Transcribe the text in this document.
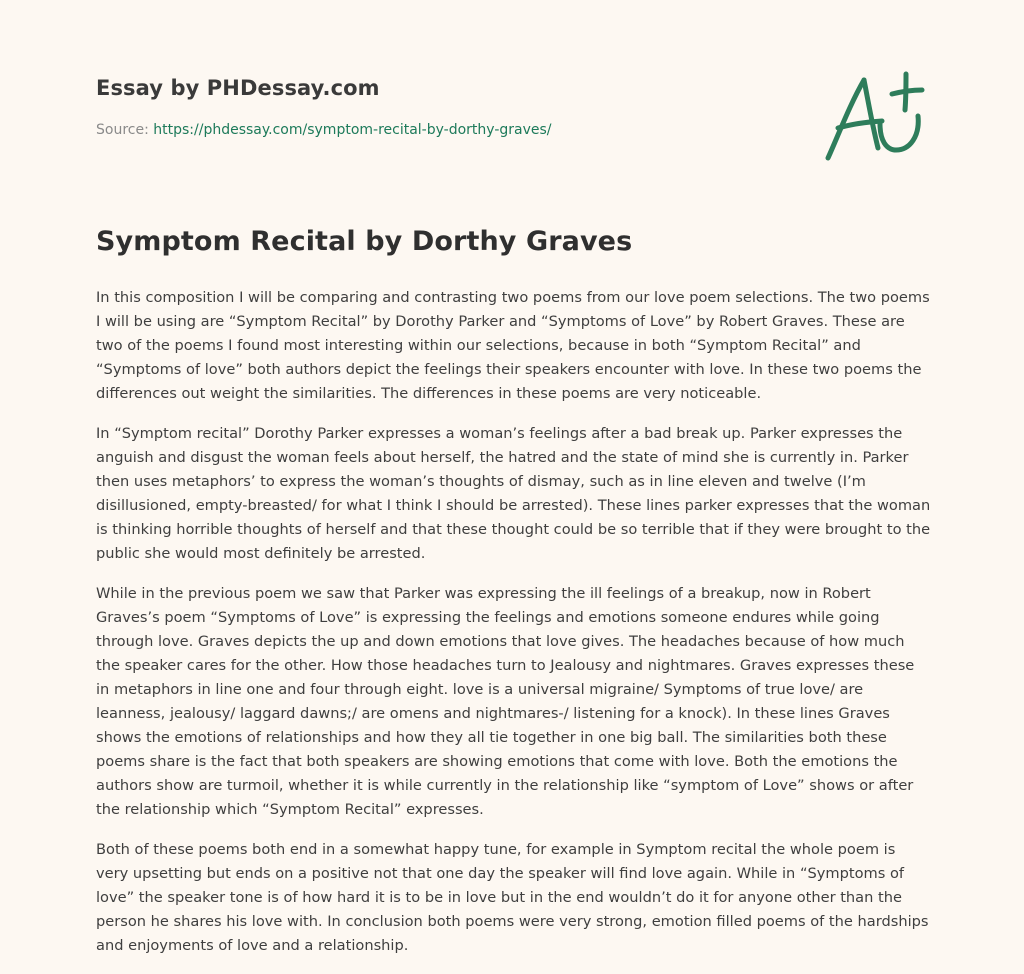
Essay by PHDessay.com
Source: https://phdessay.com/symptom-recital-by-dorthy-graves/
Symptom Recital by Dorthy Graves

In this composition I will be comparing and contrasting two poems from our love poem selections. The two poems I will be using are “Symptom Recital” by Dorothy Parker and “Symptoms of Love” by Robert Graves. These are two of the poems I found most interesting within our selections, because in both “Symptom Recital” and “Symptoms of love” both authors depict the feelings their speakers encounter with love. In these two poems the differences out weight the similarities. The differences in these poems are very noticeable.

In “Symptom recital” Dorothy Parker expresses a woman’s feelings after a bad break up. Parker expresses the anguish and disgust the woman feels about herself, the hatred and the state of mind she is currently in. Parker then uses metaphors’ to express the woman’s thoughts of dismay, such as in line eleven and twelve (I’m disillusioned, empty-breasted/ for what I think I should be arrested). These lines parker expresses that the woman is thinking horrible thoughts of herself and that these thought could be so terrible that if they were brought to the public she would most definitely be arrested.

While in the previous poem we saw that Parker was expressing the ill feelings of a breakup, now in Robert Graves’s poem “Symptoms of Love” is expressing the feelings and emotions someone endures while going through love. Graves depicts the up and down emotions that love gives. The headaches because of how much the speaker cares for the other. How those headaches turn to Jealousy and nightmares. Graves expresses these in metaphors in line one and four through eight. love is a universal migraine/ Symptoms of true love/ are leanness, jealousy/ laggard dawns;/ are omens and nightmares-/ listening for a knock). In these lines Graves shows the emotions of relationships and how they all tie together in one big ball. The similarities both these poems share is the fact that both speakers are showing emotions that come with love. Both the emotions the authors show are turmoil, whether it is while currently in the relationship like “symptom of Love” shows or after the relationship which “Symptom Recital” expresses.

Both of these poems both end in a somewhat happy tune, for example in Symptom recital the whole poem is very upsetting but ends on a positive not that one day the speaker will find love again. While in “Symptoms of love” the speaker tone is of how hard it is to be in love but in the end wouldn’t do it for anyone other than the person he shares his love with. In conclusion both poems were very strong, emotion filled poems of the hardships and enjoyments of love and a relationship.
